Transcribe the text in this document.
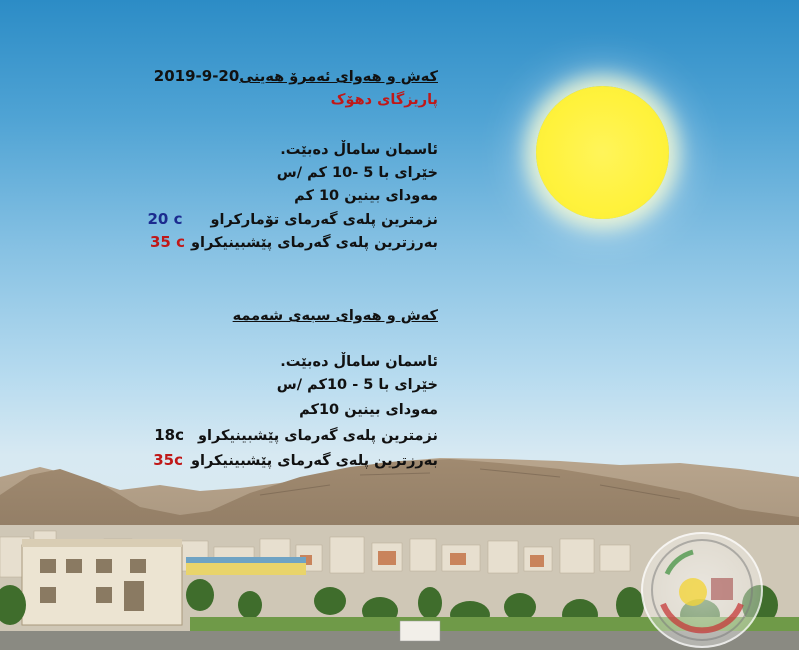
کەش و هەوای ئەمرۆ هەینی2019-9-20
پاریزگای دهۆک
ئاسمان ساماڵ دەبێت.
خێرای با 5 -10 کم /س
مەودای بینین 10 کم
نزمترین پلەی گەرمای تۆمارکراو20 c
بەرزترین پلەی گەرمای پێشبینیکراو35 c
کەش و هەوای سبەی شەممە
ئاسمان ساماڵ دەبێت.
خێرای با 5 - 10کم /س
مەودای بینین 10کم
نزمترین پلەی گەرمای پێشبینیکراو18c
بەرزترین پلەی گەرمای پێشبینیکراو35c
